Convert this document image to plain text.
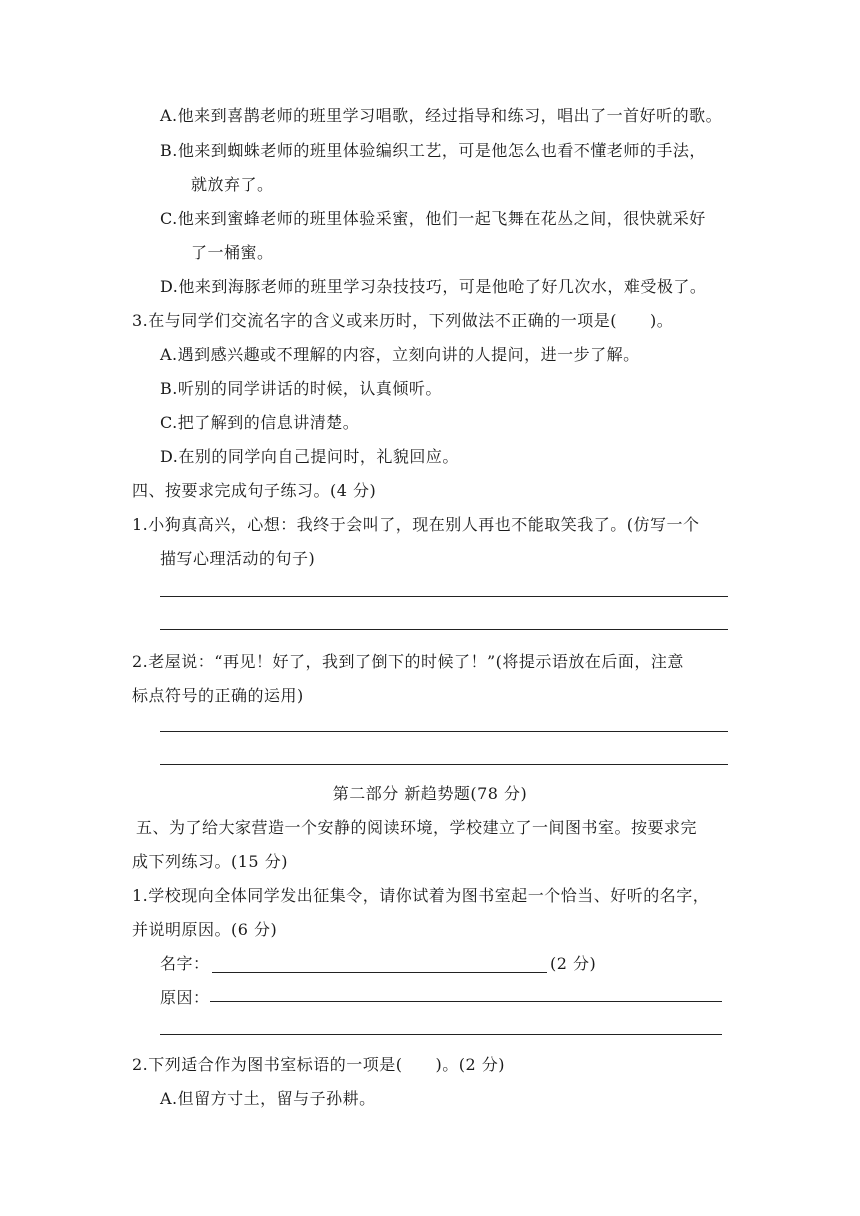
A.他来到喜鹊老师的班里学习唱歌，经过指导和练习，唱出了一首好听的歌。
B.他来到蜘蛛老师的班里体验编织工艺，可是他怎么也看不懂老师的手法，
就放弃了。
C.他来到蜜蜂老师的班里体验采蜜，他们一起飞舞在花丛之间，很快就采好
了一桶蜜。
D.他来到海豚老师的班里学习杂技技巧，可是他呛了好几次水，难受极了。
3.在与同学们交流名字的含义或来历时，下列做法不正确的一项是(　　)。
A.遇到感兴趣或不理解的内容，立刻向讲的人提问，进一步了解。
B.听别的同学讲话的时候，认真倾听。
C.把了解到的信息讲清楚。
D.在别的同学向自己提问时，礼貌回应。
四、按要求完成句子练习。(4 分)
1.小狗真高兴，心想：我终于会叫了，现在别人再也不能取笑我了。(仿写一个
描写心理活动的句子)
2.老屋说：“再见！好了，我到了倒下的时候了！”(将提示语放在后面，注意
标点符号的正确的运用)
第二部分 新趋势题(78 分)
五、为了给大家营造一个安静的阅读环境，学校建立了一间图书室。按要求完
成下列练习。(15 分)
1.学校现向全体同学发出征集令，请你试着为图书室起一个恰当、好听的名字，
并说明原因。(6 分)
名字：	(2 分)
原因：
2.下列适合作为图书室标语的一项是(　　)。(2 分)
A.但留方寸土，留与子孙耕。
